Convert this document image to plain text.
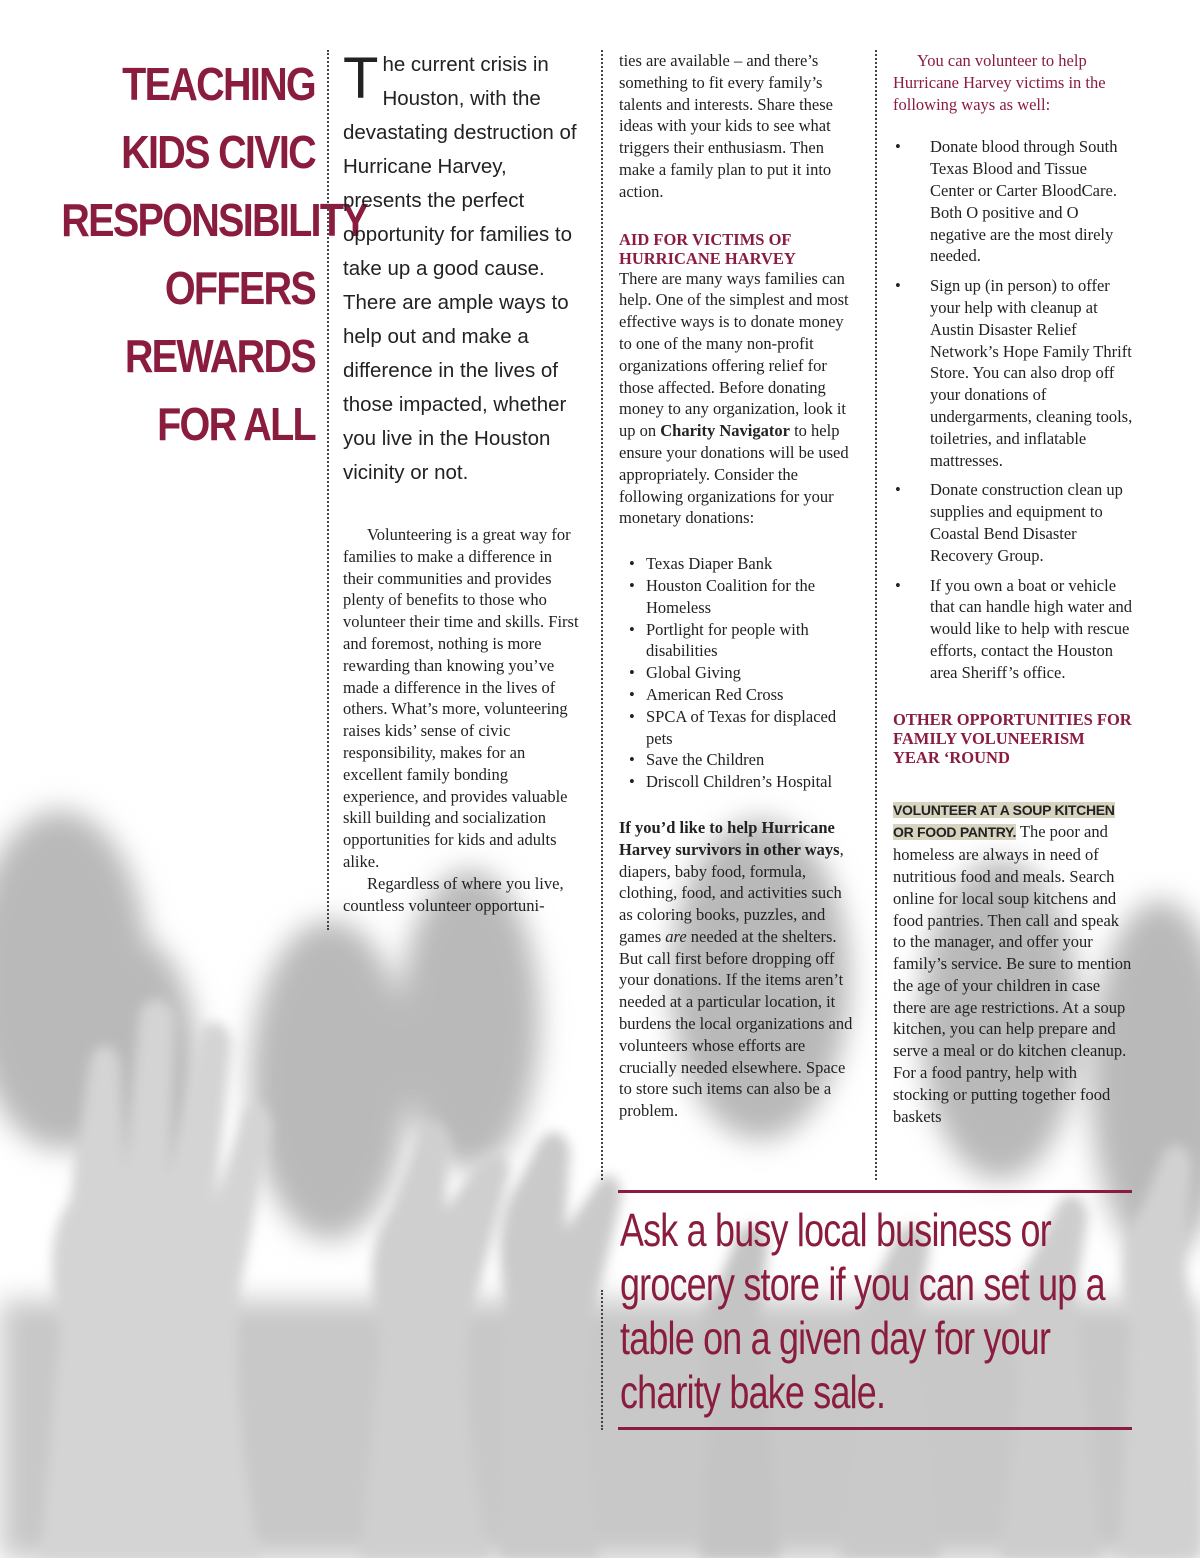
TEACHING
KIDS CIVIC
RESPONSIBILITY
OFFERS
REWARDS
FOR ALL

The current crisis in Houston, with the devastating destruction of Hurricane Harvey, presents the perfect opportunity for families to take up a good cause. There are ample ways to help out and make a difference in the lives of those impacted, whether you live in the Houston vicinity or not.

Volunteering is a great way for families to make a difference in their communities and provides plenty of benefits to those who volunteer their time and skills. First and foremost, nothing is more rewarding than knowing you’ve made a difference in the lives of others. What’s more, volunteering raises kids’ sense of civic responsibility, makes for an excellent family bonding experience, and provides valuable skill building and socialization opportunities for kids and adults alike.

Regardless of where you live, countless volunteer opportuni-

ties are available – and there’s something to fit every family’s talents and interests. Share these ideas with your kids to see what triggers their enthusiasm. Then make a family plan to put it into action.
AID FOR VICTIMS OF HURRICANE HARVEY
There are many ways families can help. One of the simplest and most effective ways is to donate money to one of the many non-profit organizations offering relief for those affected. Before donating money to any organization, look it up on Charity Navigator to help ensure your donations will be used appropriately. Consider the following organizations for your monetary donations:
• Texas Diaper Bank
• Houston Coalition for the Homeless
• Portlight for people with disabilities
• Global Giving
• American Red Cross
• SPCA of Texas for displaced pets
• Save the Children
• Driscoll Children’s Hospital
If you’d like to help Hurricane Harvey survivors in other ways, diapers, baby food, formula, clothing, food, and activities such as coloring books, puzzles, and games are needed at the shelters. But call first before dropping off your donations. If the items aren’t needed at a particular location, it burdens the local organizations and volunteers whose efforts are crucially needed elsewhere. Space to store such items can also be a problem.

You can volunteer to help Hurricane Harvey victims in the following ways as well:

• Donate blood through South Texas Blood and Tissue Center or Carter BloodCare. Both O positive and O negative are the most direly needed.
• Sign up (in person) to offer your help with cleanup at Austin Disaster Relief Network’s Hope Family Thrift Store. You can also drop off your donations of undergarments, cleaning tools, toiletries, and inflatable mattresses.
• Donate construction clean up supplies and equipment to Coastal Bend Disaster Recovery Group.
• If you own a boat or vehicle that can handle high water and would like to help with rescue efforts, contact the Houston area Sheriff’s office.
OTHER OPPORTUNITIES FOR FAMILY VOLUNEERISM YEAR ‘ROUND
VOLUNTEER AT A SOUP KITCHEN OR FOOD PANTRY. The poor and homeless are always in need of nutritious food and meals. Search online for local soup kitchens and food pantries. Then call and speak to the manager, and offer your family’s service. Be sure to mention the age of your children in case there are age restrictions. At a soup kitchen, you can help prepare and serve a meal or do kitchen cleanup. For a food pantry, help with stocking or putting together food baskets
Ask a busy local business or grocery store if you can set up a table on a given day for your charity bake sale.
